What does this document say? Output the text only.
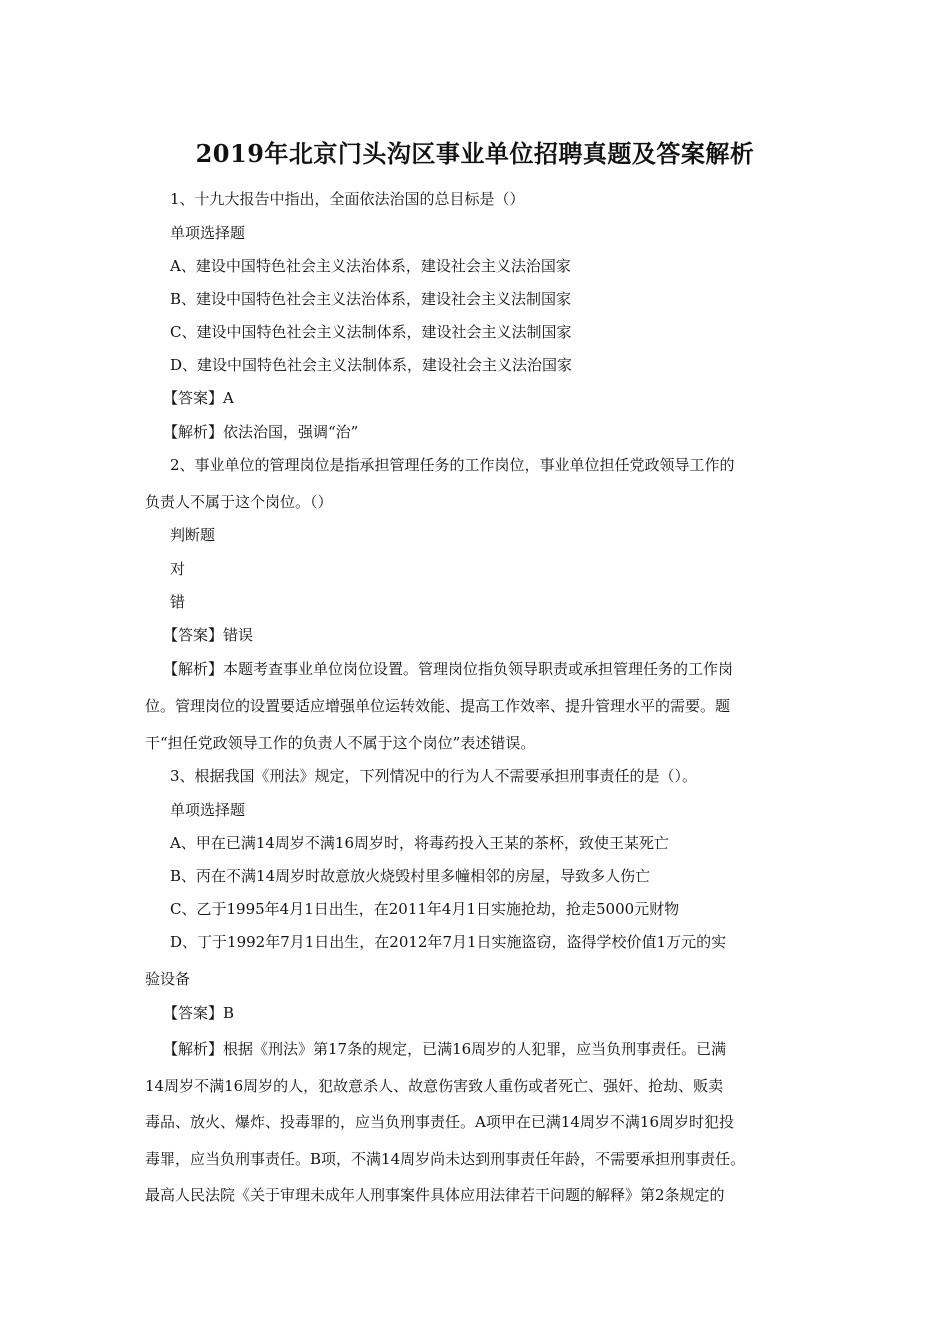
2019年北京门头沟区事业单位招聘真题及答案解析
1、十九大报告中指出，全面依法治国的总目标是（）
单项选择题
A、建设中国特色社会主义法治体系，建设社会主义法治国家
B、建设中国特色社会主义法治体系，建设社会主义法制国家
C、建设中国特色社会主义法制体系，建设社会主义法制国家
D、建设中国特色社会主义法制体系，建设社会主义法治国家
【答案】A
【解析】依法治国，强调“治”
2、事业单位的管理岗位是指承担管理任务的工作岗位，事业单位担任党政领导工作的
负责人不属于这个岗位。（）
判断题
对
错
【答案】错误
【解析】本题考查事业单位岗位设置。管理岗位指负领导职责或承担管理任务的工作岗
位。管理岗位的设置要适应增强单位运转效能、提高工作效率、提升管理水平的需要。题
干“担任党政领导工作的负责人不属于这个岗位”表述错误。
3、根据我国《刑法》规定，下列情况中的行为人不需要承担刑事责任的是（）。
单项选择题
A、甲在已满14周岁不满16周岁时，将毒药投入王某的茶杯，致使王某死亡
B、丙在不满14周岁时故意放火烧毁村里多幢相邻的房屋，导致多人伤亡
C、乙于1995年4月1日出生，在2011年4月1日实施抢劫，抢走5000元财物
D、丁于1992年7月1日出生，在2012年7月1日实施盗窃，盗得学校价值1万元的实
验设备
【答案】B
【解析】根据《刑法》第17条的规定，已满16周岁的人犯罪，应当负刑事责任。已满
14周岁不满16周岁的人，犯故意杀人、故意伤害致人重伤或者死亡、强奸、抢劫、贩卖
毒品、放火、爆炸、投毒罪的，应当负刑事责任。A项甲在已满14周岁不满16周岁时犯投
毒罪，应当负刑事责任。B项，不满14周岁尚未达到刑事责任年龄，不需要承担刑事责任。
最高人民法院《关于审理未成年人刑事案件具体应用法律若干问题的解释》第2条规定的
